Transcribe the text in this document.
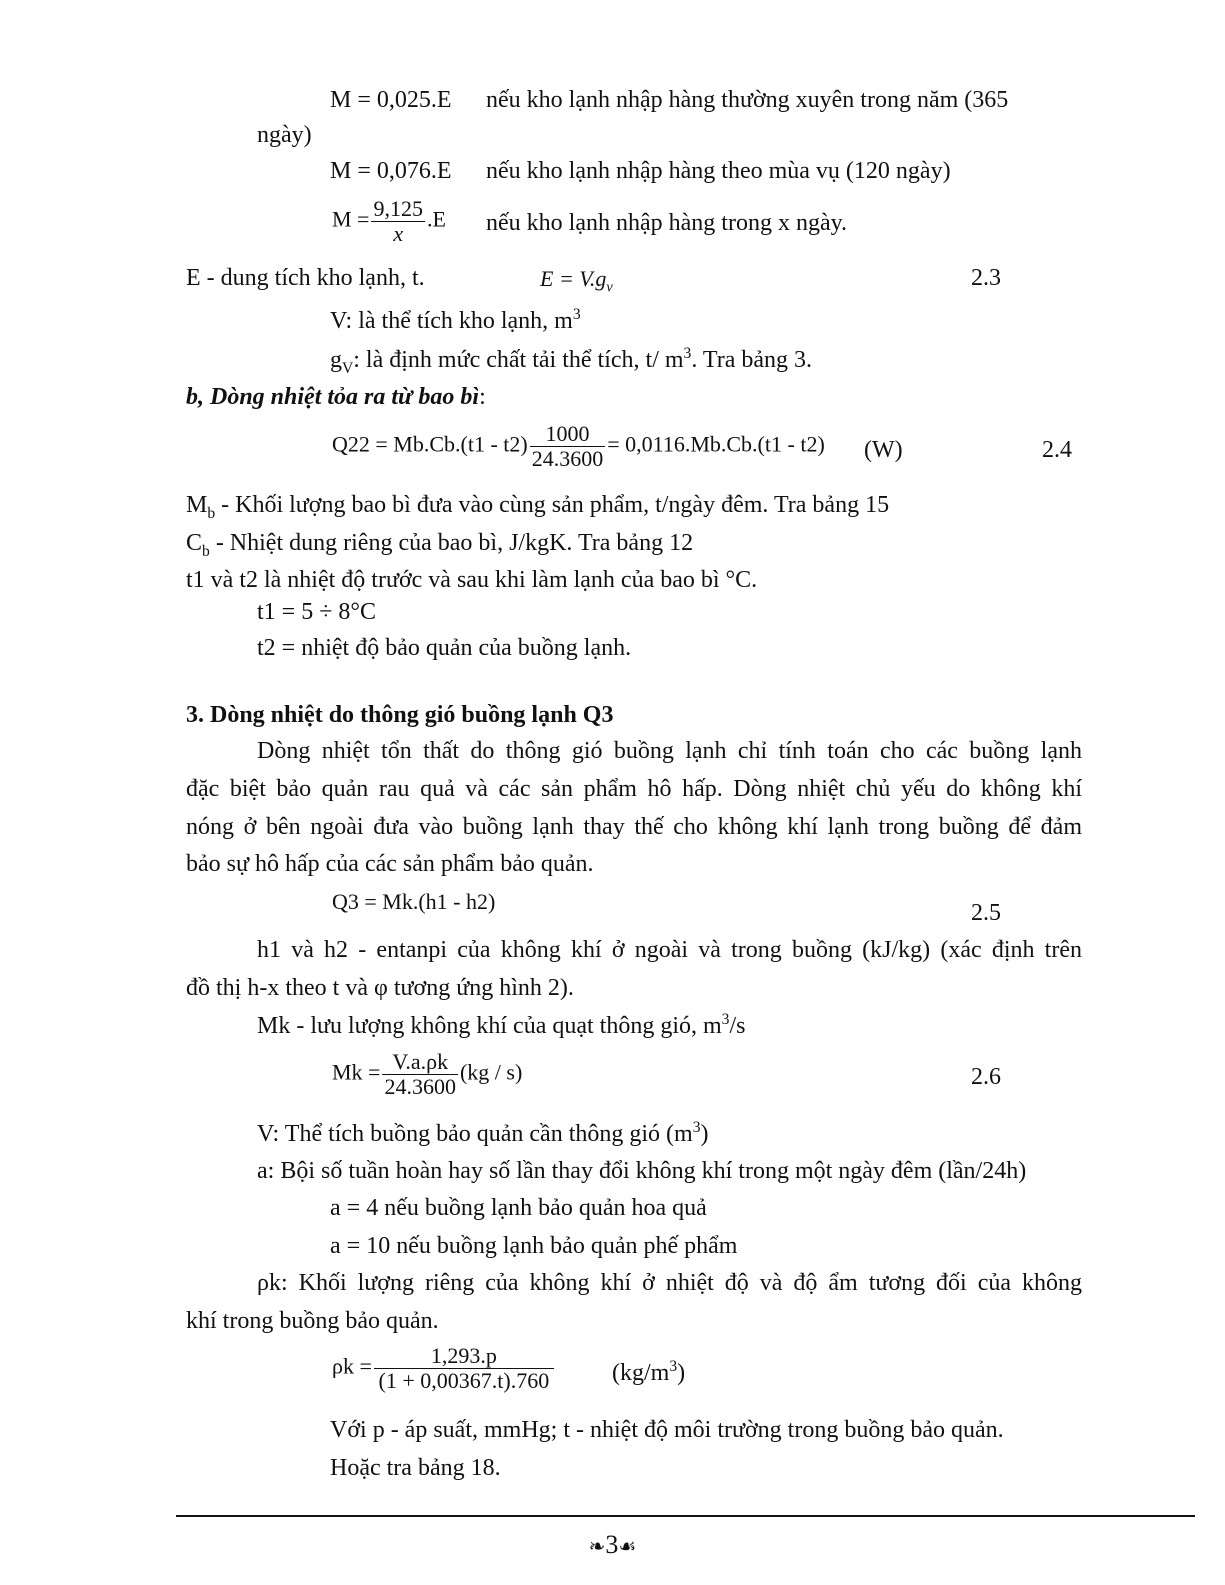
M = 0,025.E nếu kho lạnh nhập hàng thường xuyên trong năm (365
ngày)
M = 0,076.E nếu kho lạnh nhập hàng theo mùa vụ (120 ngày)
$M = \frac{9,125}{x} .E$ nếu kho lạnh nhập hàng trong x ngày.
E - dung tích kho lạnh, t.	$E = V.g_v$	2.3
V: là thể tích kho lạnh, $m^3$
$g_V$: là định mức chất tải thể tích, t/ $m^3$. Tra bảng 3.
b, Dòng nhiệt tỏa ra từ bao bì:
$Q22 = Mb.Cb.(t1 - t2) \frac{1000}{24.3600} = 0,0116.Mb.Cb.(t1 - t2)$ (W)	2.4
$M_b$ - Khối lượng bao bì đưa vào cùng sản phẩm, t/ngày đêm. Tra bảng 15
$C_b$ - Nhiệt dung riêng của bao bì, J/kgK. Tra bảng 12
t1 và t2 là nhiệt độ trước và sau khi làm lạnh của bao bì °C.
t1 = 5 ÷ 8°C
t2 = nhiệt độ bảo quản của buồng lạnh.
3. Dòng nhiệt do thông gió buồng lạnh Q3
Dòng nhiệt tổn thất do thông gió buồng lạnh chỉ tính toán cho các buồng lạnh
đặc biệt bảo quản rau quả và các sản phẩm hô hấp. Dòng nhiệt chủ yếu do không khí
nóng ở bên ngoài đưa vào buồng lạnh thay thế cho không khí lạnh trong buồng để đảm
bảo sự hô hấp của các sản phẩm bảo quản.
Q3 = Mk.(h1 - h2)	2.5
h1 và h2 - entanpi của không khí ở ngoài và trong buồng (kJ/kg) (xác định trên
đồ thị h-x theo t và φ tương ứng hình 2).
Mk - lưu lượng không khí của quạt thông gió, $m^3/s$
$Mk = \frac{V.a.\rho k}{24.3600} (kg / s)$	2.6
V: Thể tích buồng bảo quản cần thông gió $(m^3)$
a: Bội số tuần hoàn hay số lần thay đổi không khí trong một ngày đêm (lần/24h)
a = 4 nếu buồng lạnh bảo quản hoa quả
a = 10 nếu buồng lạnh bảo quản phế phẩm
ρk: Khối lượng riêng của không khí ở nhiệt độ và độ ẩm tương đối của không
khí trong buồng bảo quản.
$\rho k = \frac{1,293.p}{(1 + 0,00367.t).760} (kg/m^3)$
Với p - áp suất, mmHg; t - nhiệt độ môi trường trong buồng bảo quản.
Hoặc tra bảng 18.
❧3☙
